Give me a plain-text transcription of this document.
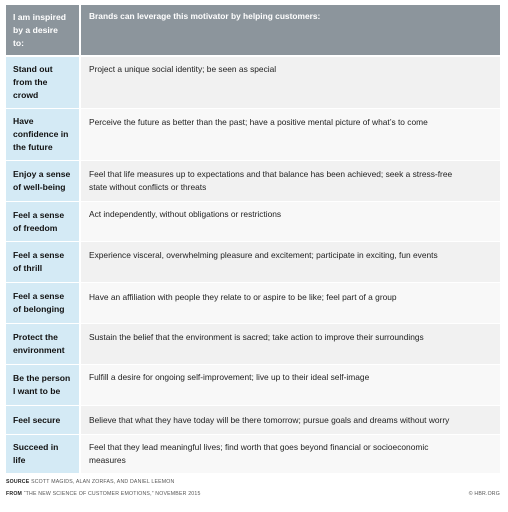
I am inspired
by a desire
to:
Brands can leverage this motivator by helping customers:
Stand out
from the
crowd
Project a unique social identity; be seen as special
Have
confidence in
the future
Perceive the future as better than the past; have a positive mental picture of what’s to come
Enjoy a sense
of well-being
Feel that life measures up to expectations and that balance has been achieved; seek a stress-free
state without conflicts or threats
Feel a sense
of freedom
Act independently, without obligations or restrictions
Feel a sense
of thrill
Experience visceral, overwhelming pleasure and excitement; participate in exciting, fun events
Feel a sense
of belonging
Have an affiliation with people they relate to or aspire to be like; feel part of a group
Protect the
environment
Sustain the belief that the environment is sacred; take action to improve their surroundings
Be the person
I want to be
Fulfill a desire for ongoing self-improvement; live up to their ideal self-image
Feel secure	Believe that what they have today will be there tomorrow; pursue goals and dreams without worry
Succeed in
life
Feel that they lead meaningful lives; find worth that goes beyond financial or socioeconomic
measures
SOURCE SCOTT MAGIDS, ALAN ZORFAS, AND DANIEL LEEMON
FROM “THE NEW SCIENCE OF CUSTOMER EMOTIONS,” NOVEMBER 2015	© HBR.ORG
